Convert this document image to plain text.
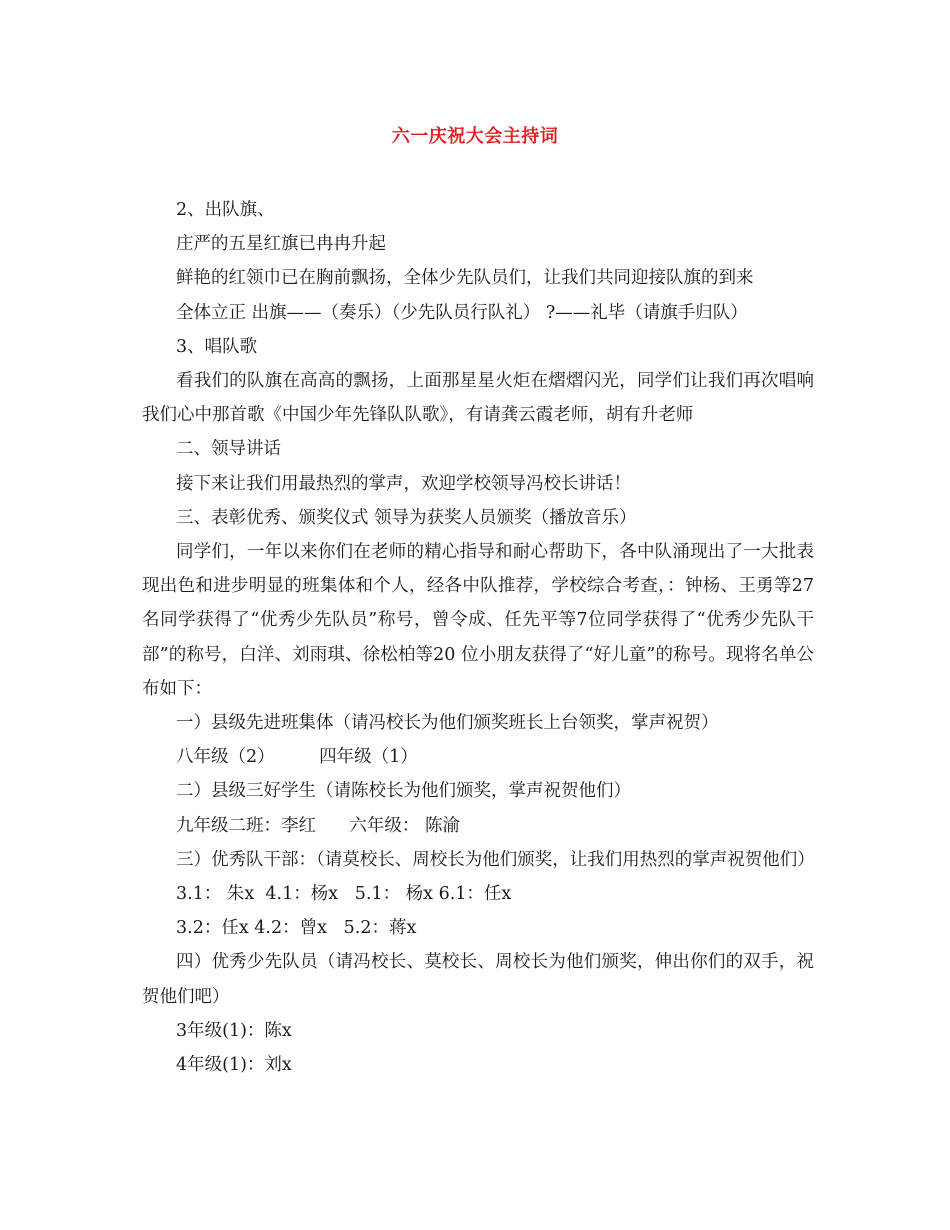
六一庆祝大会主持词

2、出队旗、

庄严的五星红旗已冉冉升起

鲜艳的红领巾已在胸前飘扬，全体少先队员们，让我们共同迎接队旗的到来

全体立正 出旗——（奏乐）（少先队员行队礼） ?——礼毕（请旗手归队）

3、唱队歌

看我们的队旗在高高的飘扬，上面那星星火炬在熠熠闪光，同学们让我们再次唱响我们心中那首歌《中国少年先锋队队歌》，有请龚云霞老师，胡有升老师

二、领导讲话

接下来让我们用最热烈的掌声，欢迎学校领导冯校长讲话！

三、表彰优秀、颁奖仪式 领导为获奖人员颁奖（播放音乐）

同学们，一年以来你们在老师的精心指导和耐心帮助下，各中队涌现出了一大批表现出色和进步明显的班集体和个人，经各中队推荐，学校综合考查，：钟杨、王勇等27名同学获得了“优秀少先队员”称号，曾令成、任先平等7位同学获得了“优秀少先队干部”的称号，白洋、刘雨琪、徐松柏等20 位小朋友获得了“好儿童”的称号。现将名单公布如下：

一）县级先进班集体（请冯校长为他们颁奖班长上台领奖，掌声祝贺）

八年级（2）        四年级（1）

二）县级三好学生（请陈校长为他们颁奖，掌声祝贺他们）

九年级二班：李红      六年级： 陈渝

三）优秀队干部：（请莫校长、周校长为他们颁奖，让我们用热烈的掌声祝贺他们）

3.1： 朱x  4.1：杨x   5.1： 杨x 6.1：任x

3.2：任x 4.2：曾x   5.2：蒋x

四）优秀少先队员（请冯校长、莫校长、周校长为他们颁奖，伸出你们的双手，祝贺他们吧）

3年级(1)：陈x

4年级(1)：刘x
